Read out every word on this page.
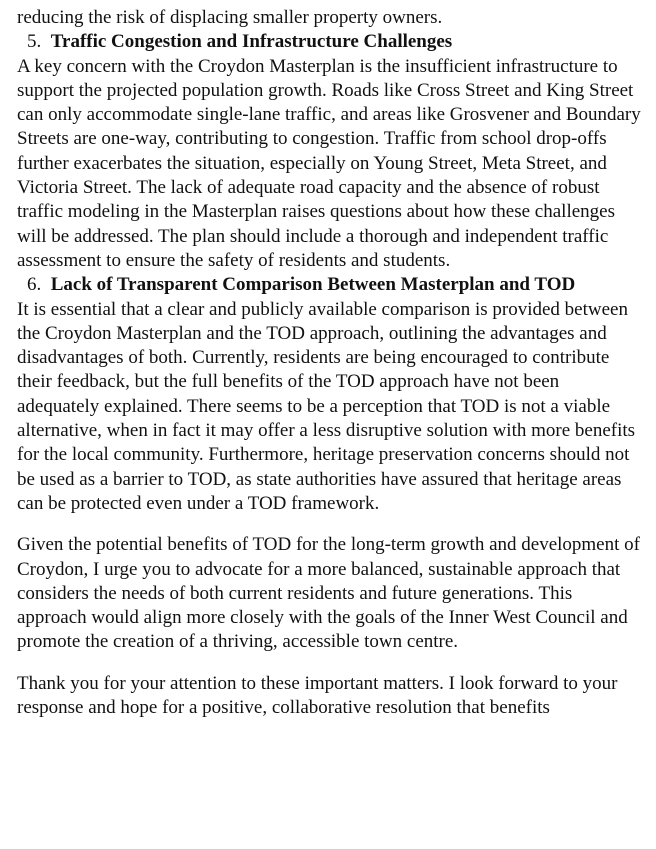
reducing the risk of displacing smaller property owners.

5. Traffic Congestion and Infrastructure Challenges

A key concern with the Croydon Masterplan is the insufficient infrastructure to support the projected population growth. Roads like Cross Street and King Street can only accommodate single-lane traffic, and areas like Grosvener and Boundary Streets are one-way, contributing to congestion. Traffic from school drop-offs further exacerbates the situation, especially on Young Street, Meta Street, and Victoria Street. The lack of adequate road capacity and the absence of robust traffic modeling in the Masterplan raises questions about how these challenges will be addressed. The plan should include a thorough and independent traffic assessment to ensure the safety of residents and students.

6. Lack of Transparent Comparison Between Masterplan and TOD

It is essential that a clear and publicly available comparison is provided between the Croydon Masterplan and the TOD approach, outlining the advantages and disadvantages of both. Currently, residents are being encouraged to contribute their feedback, but the full benefits of the TOD approach have not been adequately explained. There seems to be a perception that TOD is not a viable alternative, when in fact it may offer a less disruptive solution with more benefits for the local community. Furthermore, heritage preservation concerns should not be used as a barrier to TOD, as state authorities have assured that heritage areas can be protected even under a TOD framework.

Given the potential benefits of TOD for the long-term growth and development of Croydon, I urge you to advocate for a more balanced, sustainable approach that considers the needs of both current residents and future generations. This approach would align more closely with the goals of the Inner West Council and promote the creation of a thriving, accessible town centre.

Thank you for your attention to these important matters. I look forward to your response and hope for a positive, collaborative resolution that benefits
